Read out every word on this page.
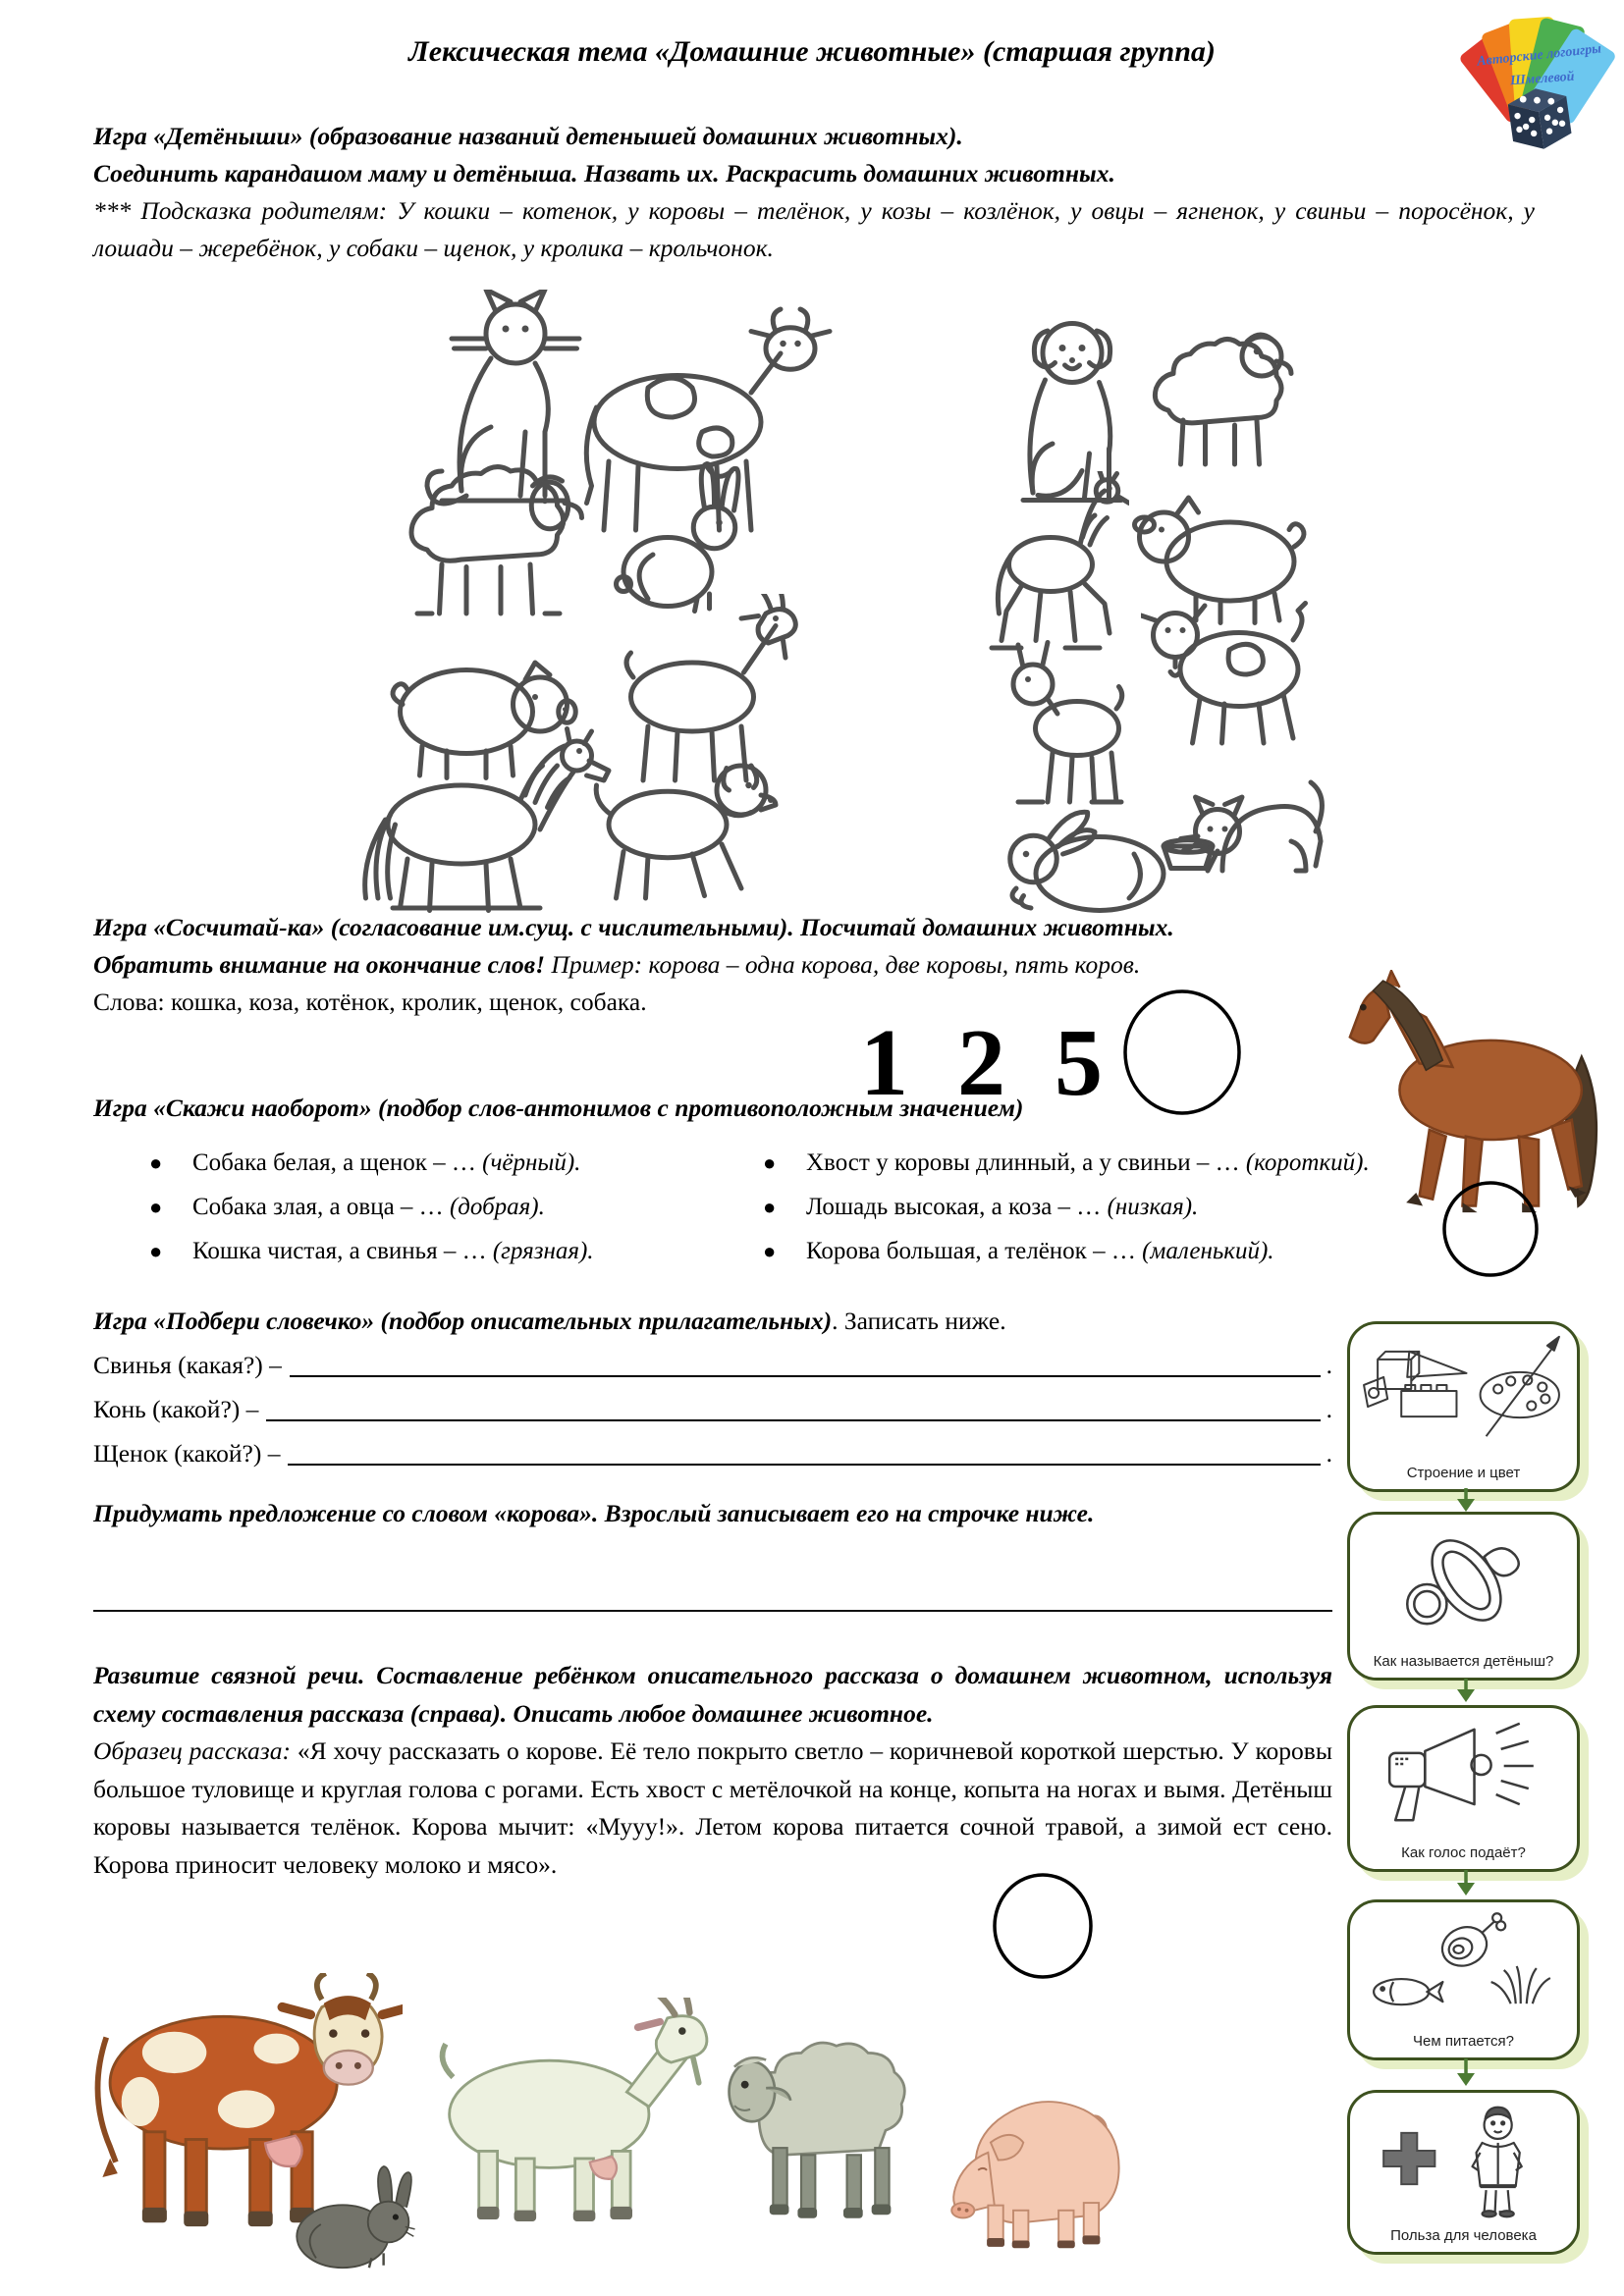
Лексическая тема «Домашние животные» (старшая группа)	Авторские логоигры
Шмелевой

Игра «Детёныши» (образование названий детенышей домашних животных).

Соединить карандашом маму и детёныша. Назвать их. Раскрасить домашних животных.

*** Подсказка родителям: У кошки – котенок, у коровы – телёнок, у козы – козлёнок, у овцы – ягненок, у свиньи – поросёнок, у лошади – жеребёнок, у собаки – щенок, у кролика – крольчонок.

Игра «Сосчитай-ка» (согласование им.сущ. с числительными). Посчитай домашних животных.

Обратить внимание на окончание слов! Пример: корова – одна корова, две коровы, пять коров.

Слова: кошка, коза, котёнок, кролик, щенок, собака.

1 2 5

Игра «Скажи наоборот» (подбор слов-антонимов с противоположным значением)

●	Собака белая, а щенок – … (чёрный).
●	Собака злая, а овца – … (добрая).
●	Кошка чистая, а свинья – … (грязная).
●	Хвост у коровы длинный, а у свиньи – … (короткий).
●	Лошадь высокая, а коза – … (низкая).
●	Корова большая, а телёнок – … (маленький).

Игра «Подбери словечко» (подбор описательных прилагательных). Записать ниже.

Свинья (какая?) –	.
Конь (какой?) –	.
Щенок (какой?) –	.

Придумать предложение со словом «корова». Взрослый записывает его на строчке ниже.

Развитие связной речи. Составление ребёнком описательного рассказа о домашнем животном, используя схему составления рассказа (справа). Описать любое домашнее животное.

Образец рассказа: «Я хочу рассказать о корове. Её тело покрыто светло – коричневой короткой шерстью. У коровы большое туловище и круглая голова с рогами. Есть хвост с метёлочкой на конце, копыта на ногах и вымя. Детёныш коровы называется телёнок. Корова мычит: «Мууу!». Летом корова питается сочной травой, а зимой ест сено. Корова приносит человеку молоко и мясо».

Строение и цвет
Как называется детёныш?
Как голос подаёт?
Чем питается?
Польза для человека
